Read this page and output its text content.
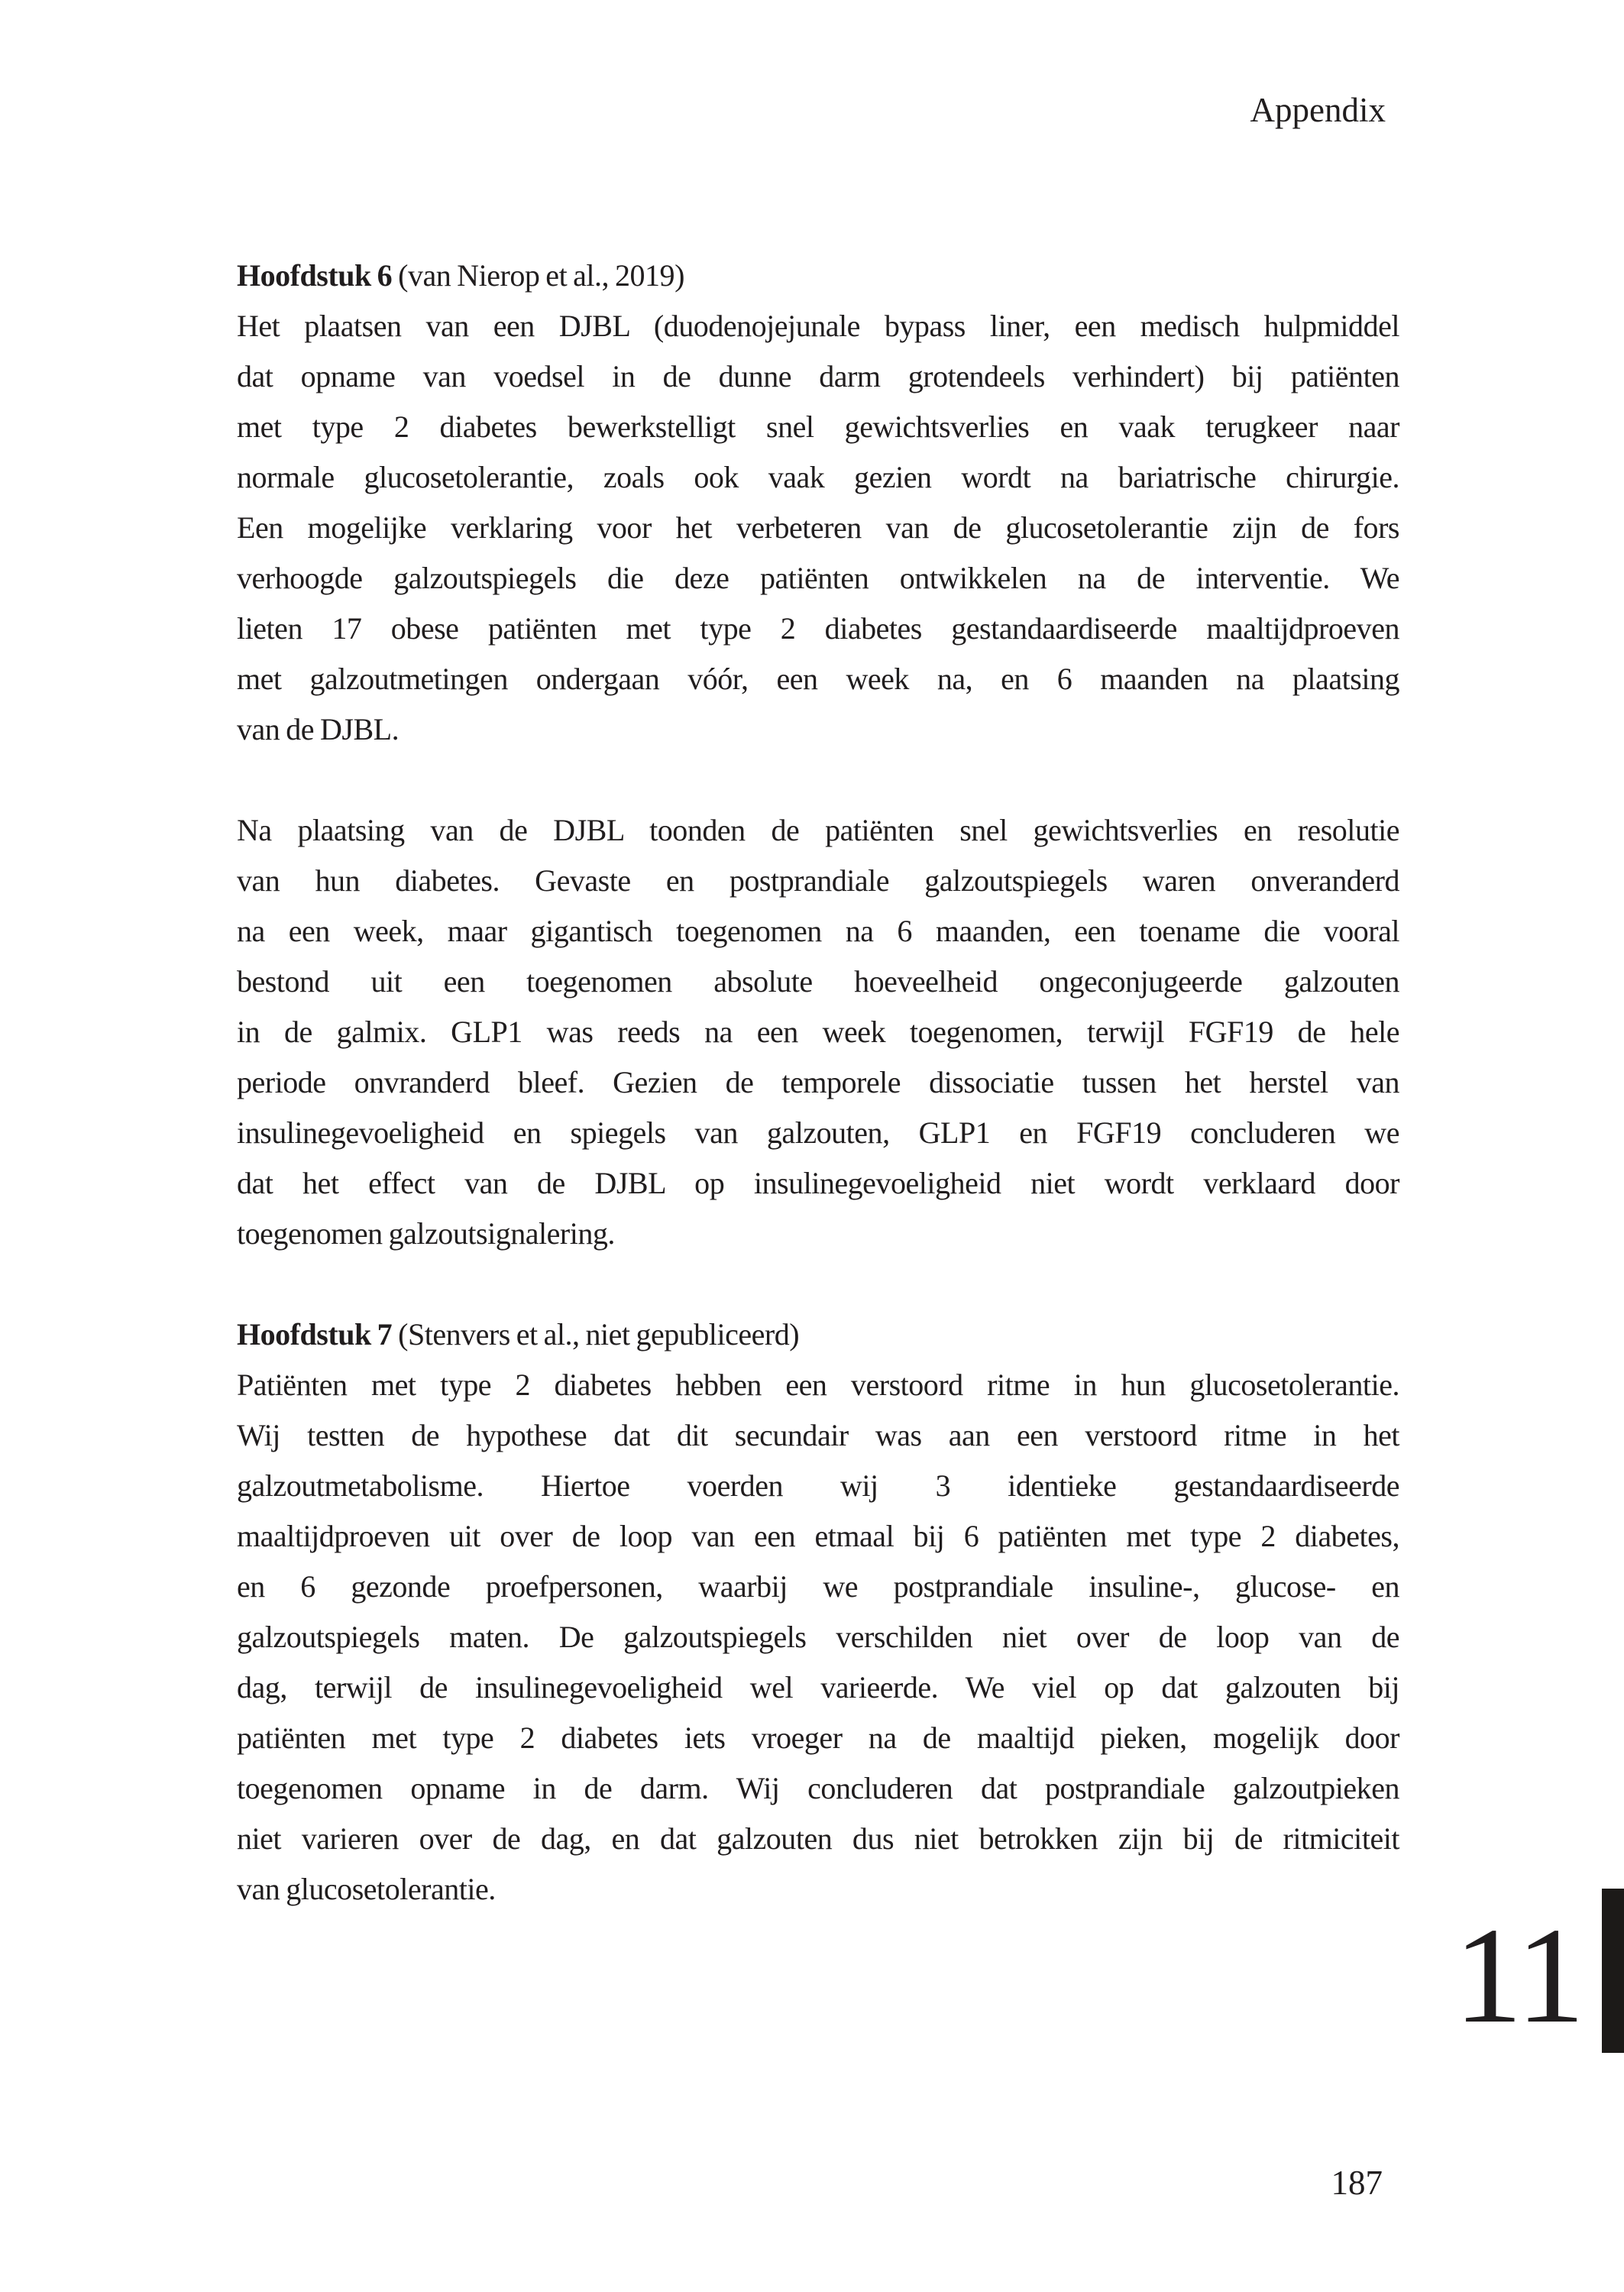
Appendix
Hoofdstuk 6 (van Nierop et al., 2019)
Het plaatsen van een DJBL (duodenojejunale bypass liner, een medisch hulpmiddel
dat opname van voedsel in de dunne darm grotendeels verhindert) bij patiënten
met type 2 diabetes bewerkstelligt snel gewichtsverlies en vaak terugkeer naar
normale glucosetolerantie, zoals ook vaak gezien wordt na bariatrische chirurgie.
Een mogelijke verklaring voor het verbeteren van de glucosetolerantie zijn de fors
verhoogde galzoutspiegels die deze patiënten ontwikkelen na de interventie. We
lieten 17 obese patiënten met type 2 diabetes gestandaardiseerde maaltijdproeven
met galzoutmetingen ondergaan vóór, een week na, en 6 maanden na plaatsing
van de DJBL.
Na plaatsing van de DJBL toonden de patiënten snel gewichtsverlies en resolutie
van hun diabetes. Gevaste en postprandiale galzoutspiegels waren onveranderd
na een week, maar gigantisch toegenomen na 6 maanden, een toename die vooral
bestond uit een toegenomen absolute hoeveelheid ongeconjugeerde galzouten
in de galmix. GLP1 was reeds na een week toegenomen, terwijl FGF19 de hele
periode onvranderd bleef. Gezien de temporele dissociatie tussen het herstel van
insulinegevoeligheid en spiegels van galzouten, GLP1 en FGF19 concluderen we
dat het effect van de DJBL op insulinegevoeligheid niet wordt verklaard door
toegenomen galzoutsignalering.
Hoofdstuk 7 (Stenvers et al., niet gepubliceerd)
Patiënten met type 2 diabetes hebben een verstoord ritme in hun glucosetolerantie.
Wij testten de hypothese dat dit secundair was aan een verstoord ritme in het
galzoutmetabolisme. Hiertoe voerden wij 3 identieke gestandaardiseerde
maaltijdproeven uit over de loop van een etmaal bij 6 patiënten met type 2 diabetes,
en 6 gezonde proefpersonen, waarbij we postprandiale insuline-, glucose- en
galzoutspiegels maten. De galzoutspiegels verschilden niet over de loop van de
dag, terwijl de insulinegevoeligheid wel varieerde. We viel op dat galzouten bij
patiënten met type 2 diabetes iets vroeger na de maaltijd pieken, mogelijk door
toegenomen opname in de darm. Wij concluderen dat postprandiale galzoutpieken
niet varieren over de dag, en dat galzouten dus niet betrokken zijn bij de ritmiciteit
van glucosetolerantie.
11
187
